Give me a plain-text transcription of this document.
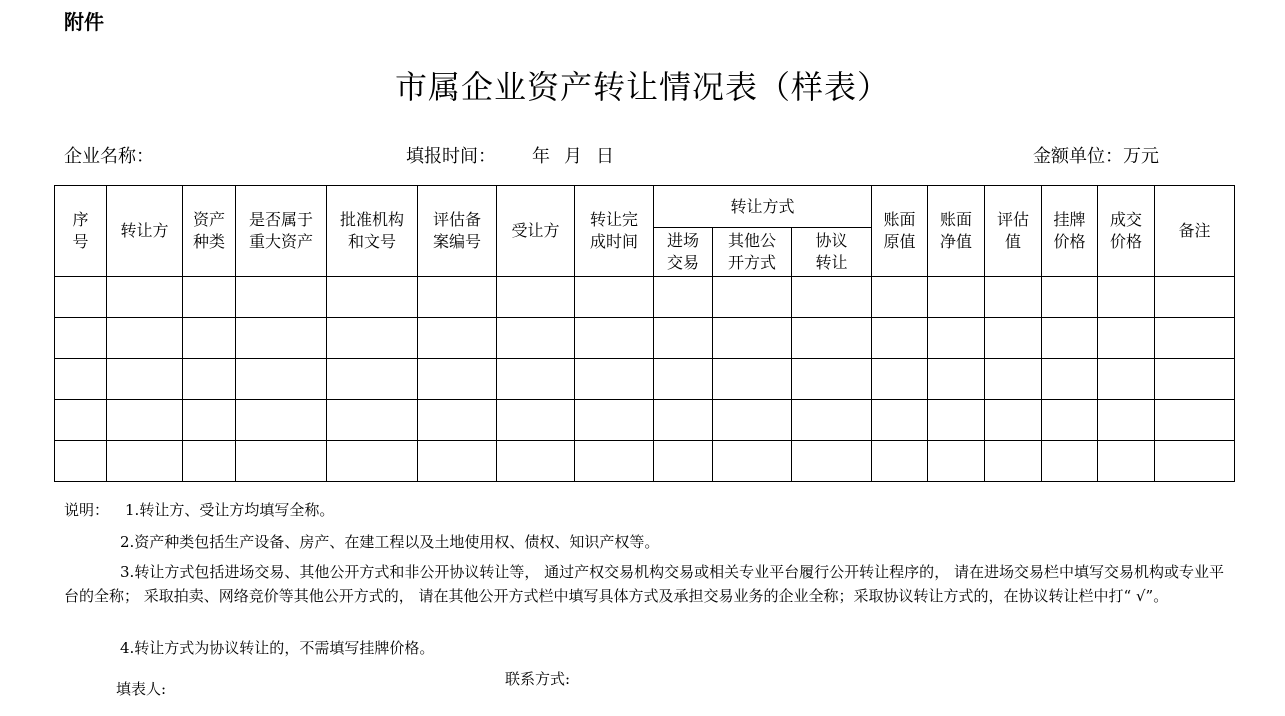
附件
市属企业资产转让情况表（样表）
企业名称：	填报时间： 年 月 日	金额单位：万元
序号	转让方	资产种类	是否属于重大资产	批准机构和文号	评估备案编号	受让方	转让完成时间	转让方式			账面原值	账面净值	评估值	挂牌价格	成交价格	备注

								进场交易	其他公开方式	协议转让						

说明： 1.转让方、受让方均填写全称。
2.资产种类包括生产设备、房产、在建工程以及土地使用权、债权、知识产权等。
3.转让方式包括进场交易、其他公开方式和非公开协议转让等， 通过产权交易机构交易或相关专业平台履行公开转让程序的， 请在进场交易栏中填写交易机构或专业平台的全称； 采取拍卖、网络竞价等其他公开方式的， 请在其他公开方式栏中填写具体方式及承担交易业务的企业全称；采取协议转让方式的，在协议转让栏中打“ √”。
4.转让方式为协议转让的，不需填写挂牌价格。
填表人:
联系方式:
